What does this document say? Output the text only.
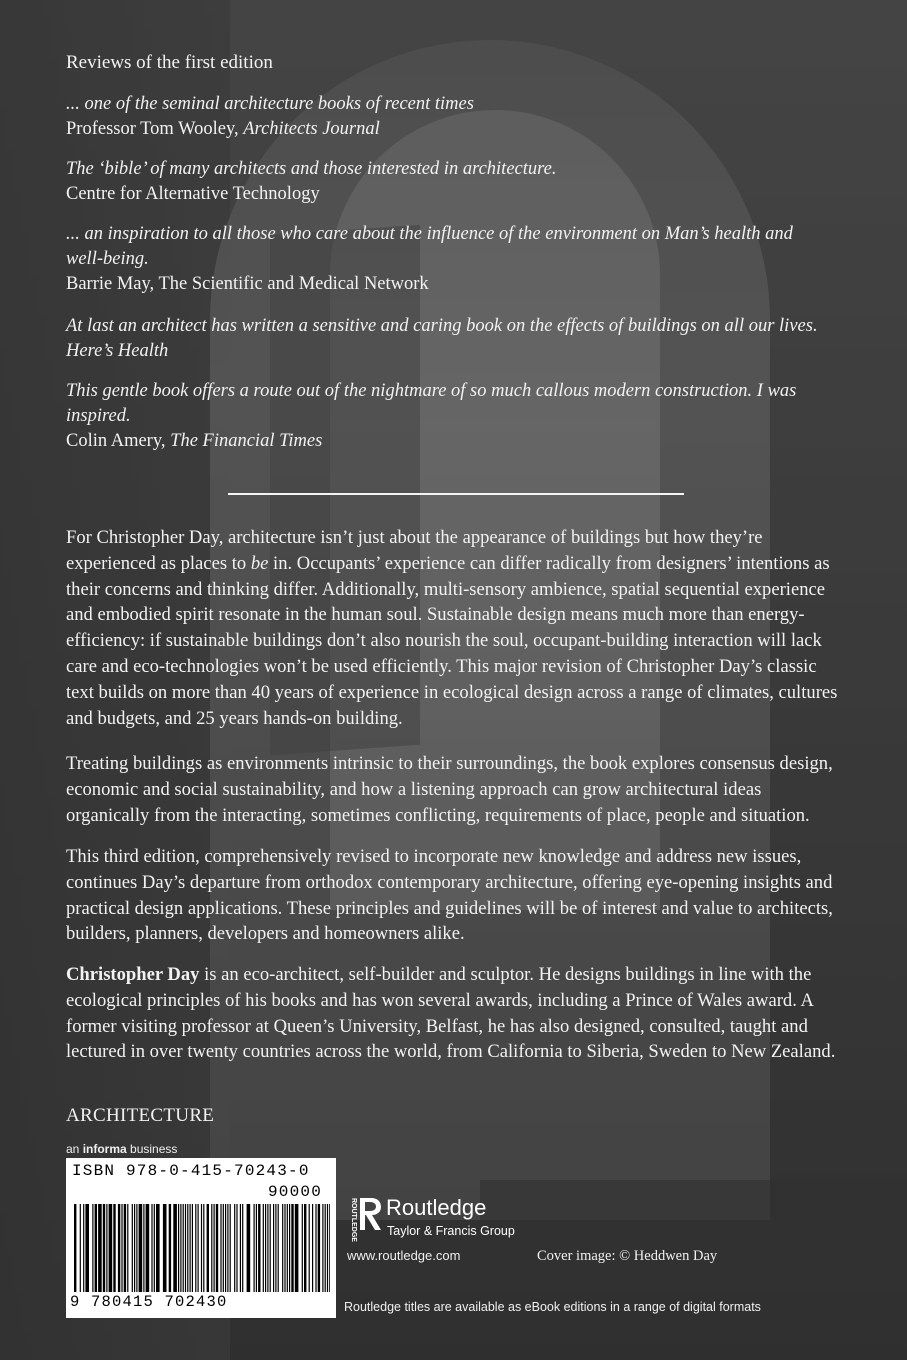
Reviews of the first edition
... one of the seminal architecture books of recent times
Professor Tom Wooley, Architects Journal
The ‘bible’ of many architects and those interested in architecture.
Centre for Alternative Technology
... an inspiration to all those who care about the influence of the environment on Man’s health and
well-being.
Barrie May, The Scientific and Medical Network
At last an architect has written a sensitive and caring book on the effects of buildings on all our lives.
Here’s Health
This gentle book offers a route out of the nightmare of so much callous modern construction. I was
inspired.
Colin Amery, The Financial Times
For Christopher Day, architecture isn’t just about the appearance of buildings but how they’re experienced as places to be in. Occupants’ experience can differ radically from designers’ intentions as their concerns and thinking differ. Additionally, multi-sensory ambience, spatial sequential experience and embodied spirit resonate in the human soul. Sustainable design means much more than energy-efficiency: if sustainable buildings don’t also nourish the soul, occupant-building interaction will lack care and eco-technologies won’t be used efficiently. This major revision of Christopher Day’s classic text builds on more than 40 years of experience in ecological design across a range of climates, cultures and budgets, and 25 years hands-on building.
Treating buildings as environments intrinsic to their surroundings, the book explores consensus design, economic and social sustainability, and how a listening approach can grow architectural ideas organically from the interacting, sometimes conflicting, requirements of place, people and situation.
This third edition, comprehensively revised to incorporate new knowledge and address new issues, continues Day’s departure from orthodox contemporary architecture, offering eye-opening insights and practical design applications. These principles and guidelines will be of interest and value to architects, builders, planners, developers and homeowners alike.
Christopher Day is an eco-architect, self-builder and sculptor. He designs buildings in line with the ecological principles of his books and has won several awards, including a Prince of Wales award. A former visiting professor at Queen’s University, Belfast, he has also designed, consulted, taught and lectured in over twenty countries across the world, from California to Siberia, Sweden to New Zealand.
ARCHITECTURE
an informa business
ISBN 978-0-415-70243-0
90000
9 780415 702430
ROUTLEDGE Routledge
Taylor & Francis Group
www.routledge.com	Cover image: © Heddwen Day
Routledge titles are available as eBook editions in a range of digital formats
